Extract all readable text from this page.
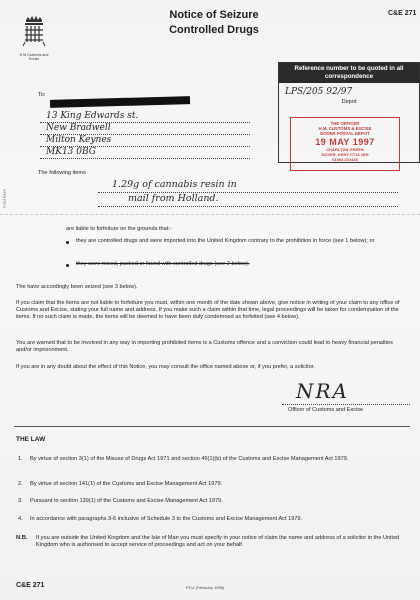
C&E 271
H M Customs and Excise
Notice of Seizure
Controlled Drugs
Reference number to be quoted in all correspondence
LPS/205 92/97
Depot
THE OFFICER
H.M. CUSTOMS & EXCISE
DOVER POSTAL DEPOT
19 MAY 1997
CHARLTON GREEN
DOVER, KENT CT16 1EH
01304 224428
To:
13 King Edwards st.
New Bradwell
Milton Keynes
MK13 0BG
The following items
1.29g of cannabis resin in
mail from Holland.
Fold here
are liable to forfeiture on the grounds that:-
they are controlled drugs and were imported into the United Kingdom contrary to the prohibition in force (see 1 below); or
they were mixed, packed or found with controlled drugs (see 2 below).
The have accordingly been seized (see 3 below).
If you claim that the items are not liable to forfeiture you must, within one month of the date shown above, give notice in writing of your claim to any office of Customs and Excise, stating your full name and address. If you make such a claim within that time, legal proceedings will be taken for condemnation of the items. If no such claim is made, the items will be deemed to have been duly condemned as forfeited (see 4 below).
You are warned that to be involved in any way in importing prohibited items is a Customs offence and a conviction could lead to heavy financial penalties and/or imprisonment.
If you are in any doubt about the effect of this Notice, you may consult the office named above or, if you prefer, a solicitor.
NRA
Officer of Customs and Excise
THE LAW
1.	By virtue of section 3(1) of the Misuse of Drugs Act 1971 and section 49(1)(b) of the Customs and Excise Management Act 1979.
2.	By virtue of section 141(1) of the Customs and Excise Management Act 1979.
3.	Pursuant to section 139(1) of the Customs and Excise Management Act 1979.
4.	In accordance with paragraphs 3-6 inclusive of Schedule 3 to the Customs and Excise Management Act 1979.
N.B. If you are outside the United Kingdom and the Isle of Man you must specify in your notice of claim the name and address of a solicitor in the United Kingdom who is authorised to accept service of proceedings and act on your behalf.
C&E 271	PCU (February 1995)
